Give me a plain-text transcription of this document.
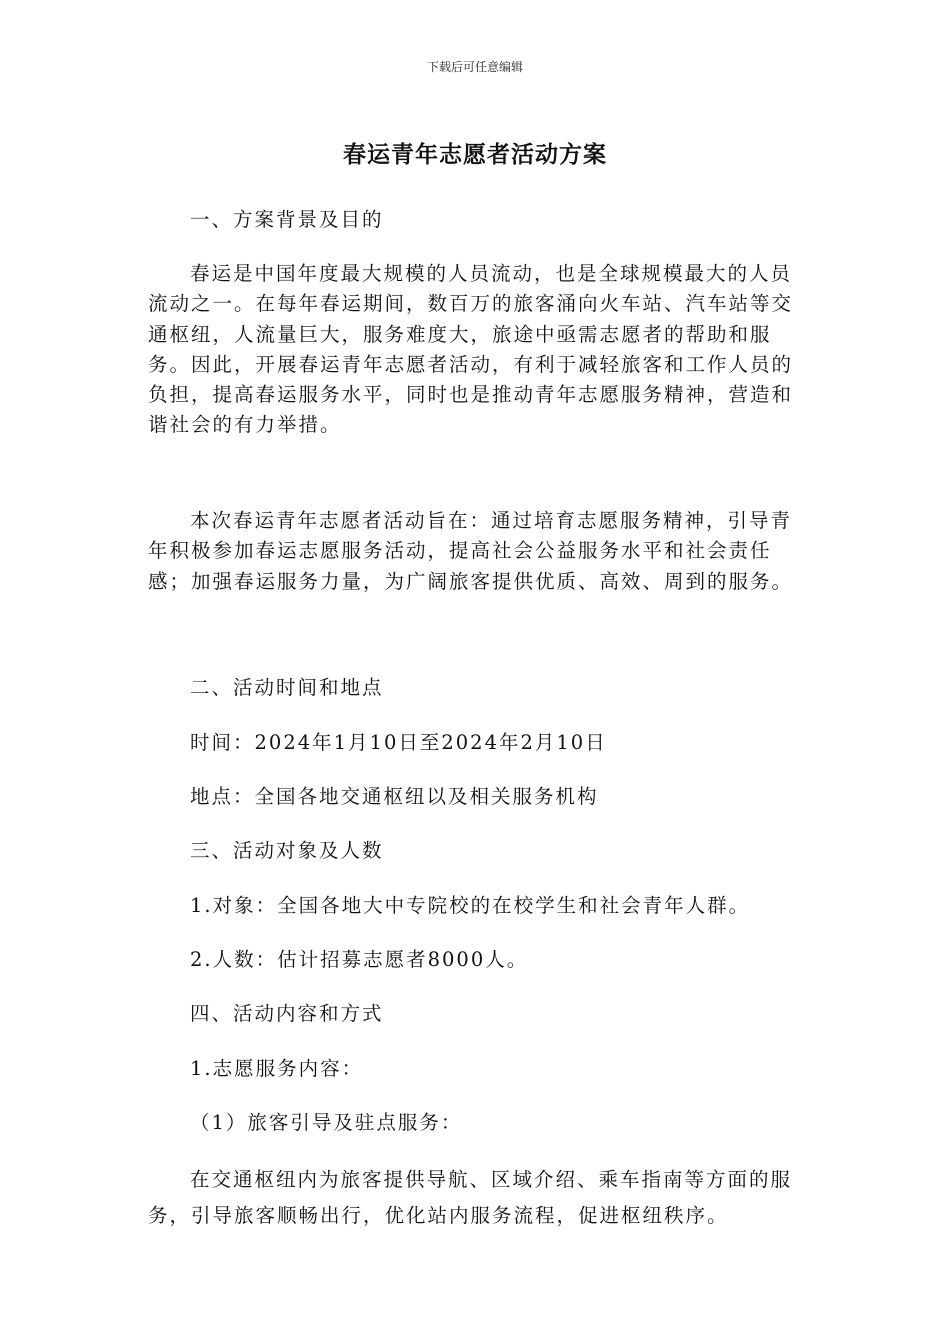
下载后可任意编辑
春运青年志愿者活动方案

一、方案背景及目的

春运是中国年度最大规模的人员流动，也是全球规模最大的人员流动之一。在每年春运期间，数百万的旅客涌向火车站、汽车站等交通枢纽，人流量巨大，服务难度大，旅途中亟需志愿者的帮助和服务。因此，开展春运青年志愿者活动，有利于减轻旅客和工作人员的负担，提高春运服务水平，同时也是推动青年志愿服务精神，营造和谐社会的有力举措。

本次春运青年志愿者活动旨在：通过培育志愿服务精神，引导青年积极参加春运志愿服务活动，提高社会公益服务水平和社会责任感；加强春运服务力量，为广阔旅客提供优质、高效、周到的服务。

二、活动时间和地点

时间：2024年1月10日至2024年2月10日

地点：全国各地交通枢纽以及相关服务机构

三、活动对象及人数

1.对象：全国各地大中专院校的在校学生和社会青年人群。

2.人数：估计招募志愿者8000人。

四、活动内容和方式

1.志愿服务内容：

（1）旅客引导及驻点服务：

在交通枢纽内为旅客提供导航、区域介绍、乘车指南等方面的服务，引导旅客顺畅出行，优化站内服务流程，促进枢纽秩序。
